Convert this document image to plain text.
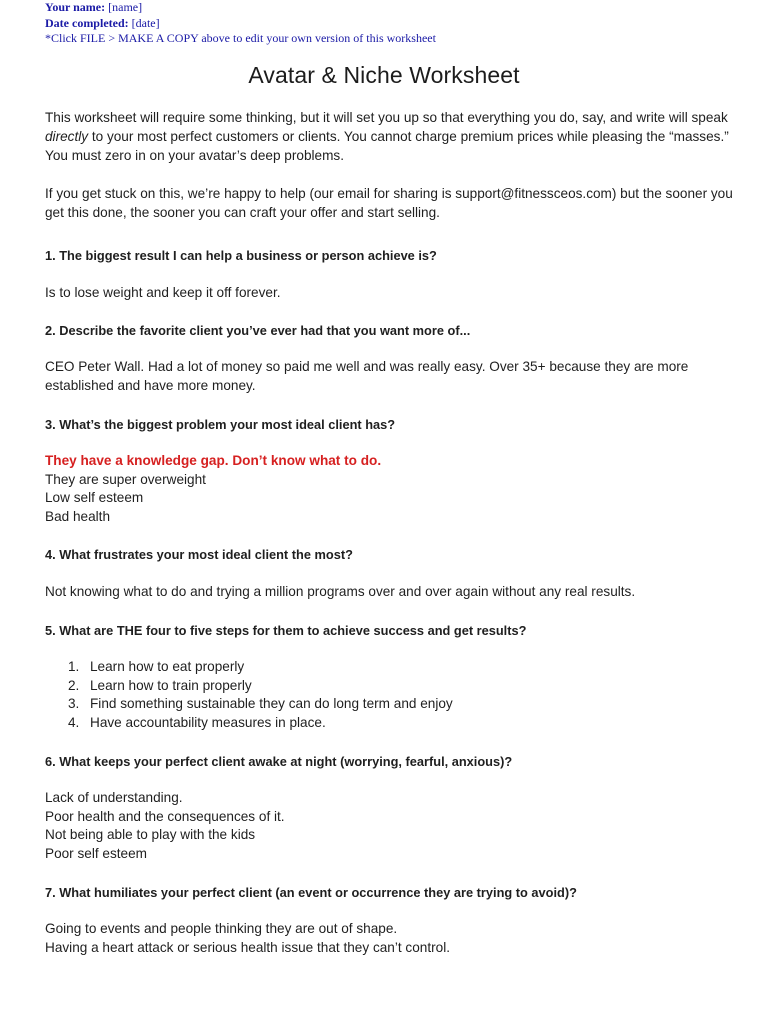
Your name: [name]
Date completed: [date]
*Click FILE > MAKE A COPY above to edit your own version of this worksheet
Avatar & Niche Worksheet

This worksheet will require some thinking, but it will set you up so that everything you do, say, and write will speak directly to your most perfect customers or clients. You cannot charge premium prices while pleasing the “masses.” You must zero in on your avatar’s deep problems.

If you get stuck on this, we’re happy to help (our email for sharing is support@fitnessceos.com) but the sooner you get this done, the sooner you can craft your offer and start selling.

1. The biggest result I can help a business or person achieve is?

Is to lose weight and keep it off forever.

2. Describe the favorite client you’ve ever had that you want more of...

CEO Peter Wall. Had a lot of money so paid me well and was really easy. Over 35+ because they are more established and have more money.

3. What’s the biggest problem your most ideal client has?

They have a knowledge gap. Don’t know what to do.
They are super overweight
Low self esteem
Bad health

4. What frustrates your most ideal client the most?

Not knowing what to do and trying a million programs over and over again without any real results.

5. What are THE four to five steps for them to achieve success and get results?

1. Learn how to eat properly
2. Learn how to train properly
3. Find something sustainable they can do long term and enjoy
4. Have accountability measures in place.

6. What keeps your perfect client awake at night (worrying, fearful, anxious)?

Lack of understanding.
Poor health and the consequences of it.
Not being able to play with the kids
Poor self esteem

7. What humiliates your perfect client (an event or occurrence they are trying to avoid)?

Going to events and people thinking they are out of shape.
Having a heart attack or serious health issue that they can’t control.
